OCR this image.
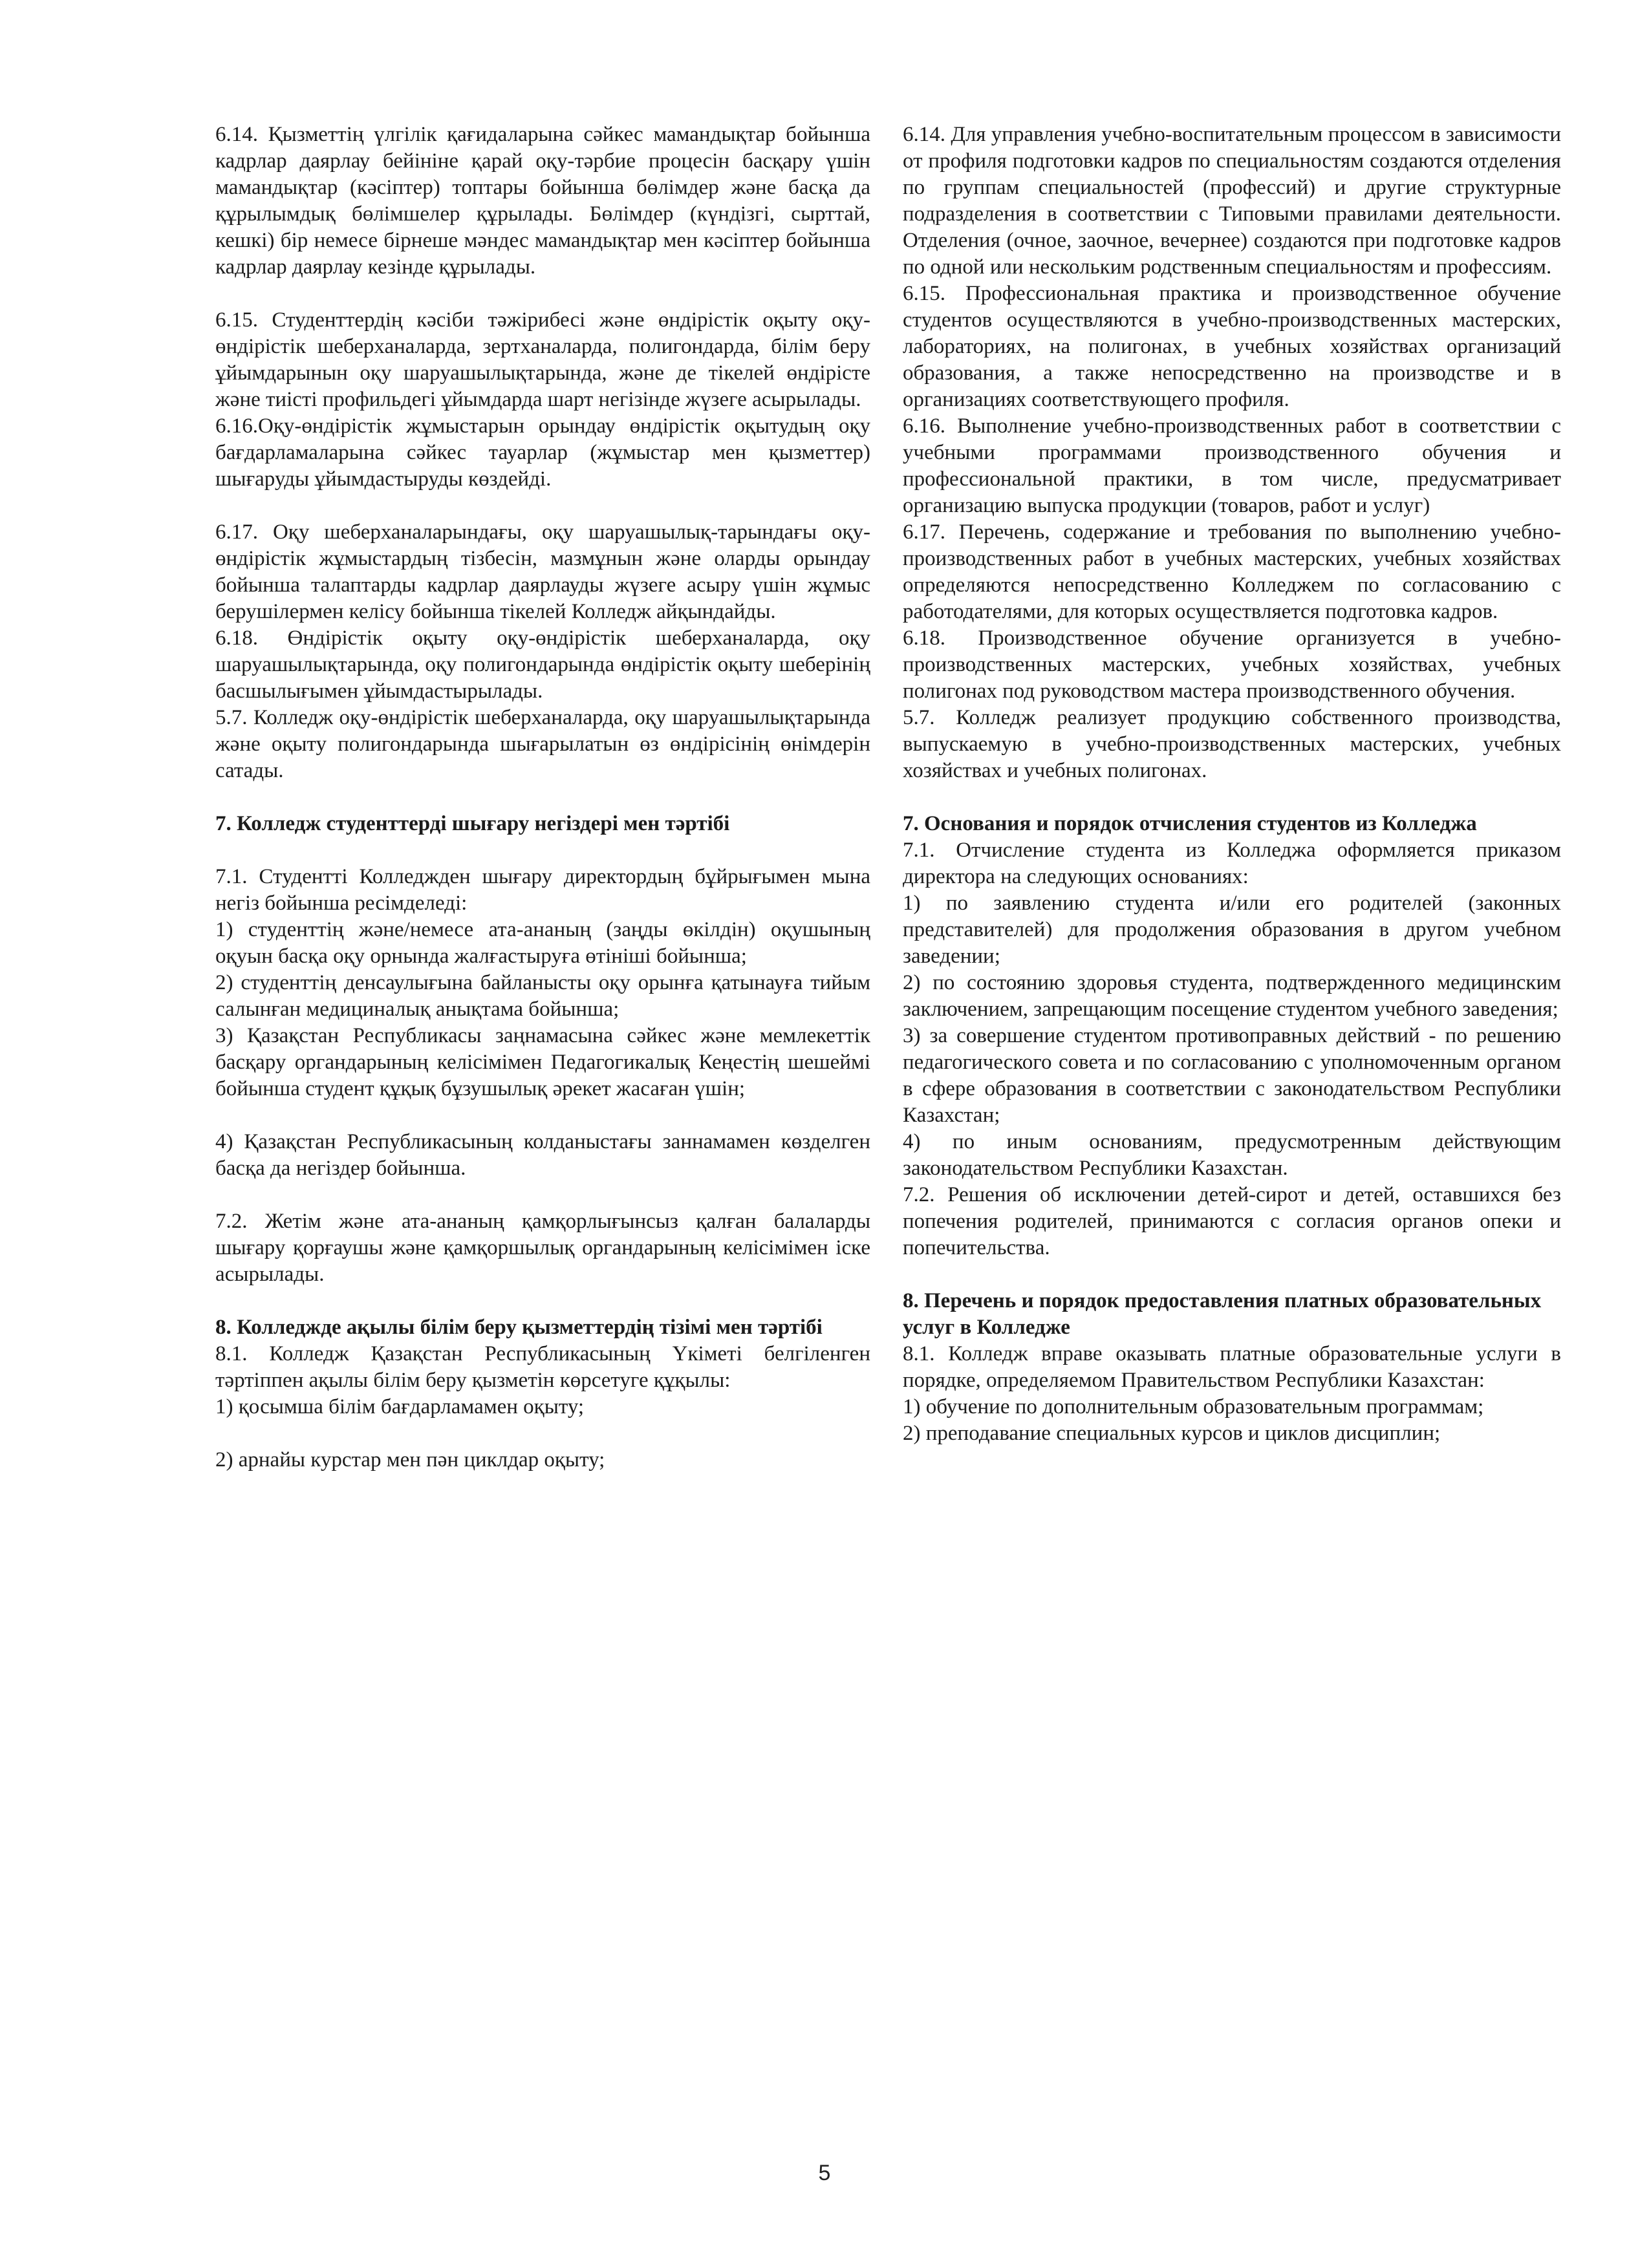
6.14. Қызметтің үлгілік қағидаларына сәйкес мамандықтар бойынша кадрлар даярлау бейініне қарай оқу-тәрбие процесін басқару үшін мамандықтар (кәсіптер) топтары бойынша бөлімдер және басқа да құрылымдық бөлімшелер құрылады. Бөлімдер (күндізгі, сырттай, кешкі) бір немесе бірнеше мәндес мамандықтар мен кәсіптер бойынша кадрлар даярлау кезінде құрылады.

6.15. Студенттердің кәсіби тәжірибесі және өндірістік оқыту оқу-өндірістік шеберханаларда, зертханаларда, полигондарда, білім беру ұйымдарынын оқу шаруашылықтарында, және де тікелей өндірісте және тиісті профильдегі ұйымдарда шарт негізінде жүзеге асырылады.

6.16.Оқу-өндірістік жұмыстарын орындау өндірістік оқытудың оқу бағдарламаларына сәйкес тауарлар (жұмыстар мен қызметтер) шығаруды ұйымдастыруды көздейді.

6.17. Оқу шеберханаларындағы, оқу шаруашылық-тарындағы оқу-өндірістік жұмыстардың тізбесін, мазмұнын және оларды орындау бойынша талаптарды кадрлар даярлауды жүзеге асыру үшін жұмыс берушілермен келісу бойынша тікелей Колледж айқындайды.

6.18. Өндірістік оқыту оқу-өндірістік шеберханаларда, оқу шаруашылықтарында, оқу полигондарында өндірістік оқыту шеберінің басшылығымен ұйымдастырылады.

5.7. Колледж оқу-өндірістік шеберханаларда, оқу шаруашылықтарында және оқыту полигондарында шығарылатын өз өндірісінің өнімдерін сатады.

7. Колледж студенттерді шығару негіздері мен тәртібі

7.1. Студентті Колледжден шығару директордың бұйрығымен мына негіз бойынша ресімделеді:

1) студенттің және/немесе ата-ананың (заңды өкілдін) оқушының оқуын басқа оқу орнында жалғастыруға өтініші бойынша;

2) студенттің денсаулығына байланысты оқу орынға қатынауға тийым салынған медициналық анықтама бойынша;

3) Қазақстан Республикасы заңнамасына сәйкес және мемлекеттік басқару органдарының келісімімен Педагогикалық Кеңестің шешеймі бойынша студент құқық бұзушылық әрекет жасаған үшін;

4) Қазақстан Республикасының колданыстағы заннамамен көзделген басқа да негіздер бойынша.

7.2. Жетім және ата-ананың қамқорлығынсыз қалған балаларды шығару қорғаушы және қамқоршылық органдарының келісімімен іске асырылады.

8. Колледжде ақылы білім беру қызметтердің тізімі мен тәртібі

8.1. Колледж Қазақстан Республикасының Үкіметі белгіленген тәртіппен ақылы білім беру қызметін көрсетуге құқылы:

1) қосымша білім бағдарламамен оқыту;

2) арнайы курстар мен пән циклдар оқыту;

6.14. Для управления учебно-воспитательным процессом в зависимости от профиля подготовки кадров по специальностям создаются отделения по группам специальностей (профессий) и другие структурные подразделения в соответствии с Типовыми правилами деятельности. Отделения (очное, заочное, вечернее) создаются при подготовке кадров по одной или нескольким родственным специальностям и профессиям.

6.15. Профессиональная практика и производственное обучение студентов осуществляются в учебно-производственных мастерских, лабораториях, на полигонах, в учебных хозяйствах организаций образования, а также непосредственно на производстве и в организациях соответствующего профиля.

6.16. Выполнение учебно-производственных работ в соответствии с учебными программами производственного обучения и профессиональной практики, в том числе, предусматривает организацию выпуска продукции (товаров, работ и услуг)

6.17. Перечень, содержание и требования по выполнению учебно-производственных работ в учебных мастерских, учебных хозяйствах определяются непосредственно Колледжем по согласованию с работодателями, для которых осуществляется подготовка кадров.

6.18. Производственное обучение организуется в учебно-производственных мастерских, учебных хозяйствах, учебных полигонах под руководством мастера производственного обучения.

5.7. Колледж реализует продукцию собственного производства, выпускаемую в учебно-производственных мастерских, учебных хозяйствах и учебных полигонах.

7. Основания и порядок отчисления студентов из Колледжа

7.1. Отчисление студента из Колледжа оформляется приказом директора на следующих основаниях:

1) по заявлению студента и/или его родителей (законных представителей) для продолжения образования в другом учебном заведении;

2) по состоянию здоровья студента, подтвержденного медицинским заключением, запрещающим посещение студентом учебного заведения;

3) за совершение студентом противоправных действий - по решению педагогического совета и по согласованию с уполномоченным органом в сфере образования в соответствии с законодательством Республики Казахстан;

4) по иным основаниям, предусмотренным действующим законодательством Республики Казахстан.

7.2. Решения об исключении детей-сирот и детей, оставшихся без попечения родителей, принимаются с согласия органов опеки и попечительства.

8. Перечень и порядок предоставления платных образовательных услуг в Колледже

8.1. Колледж вправе оказывать платные образовательные услуги в порядке, определяемом Правительством Республики Казахстан:

1) обучение по дополнительным образовательным программам;

2) преподавание специальных курсов и циклов дисциплин;

5
